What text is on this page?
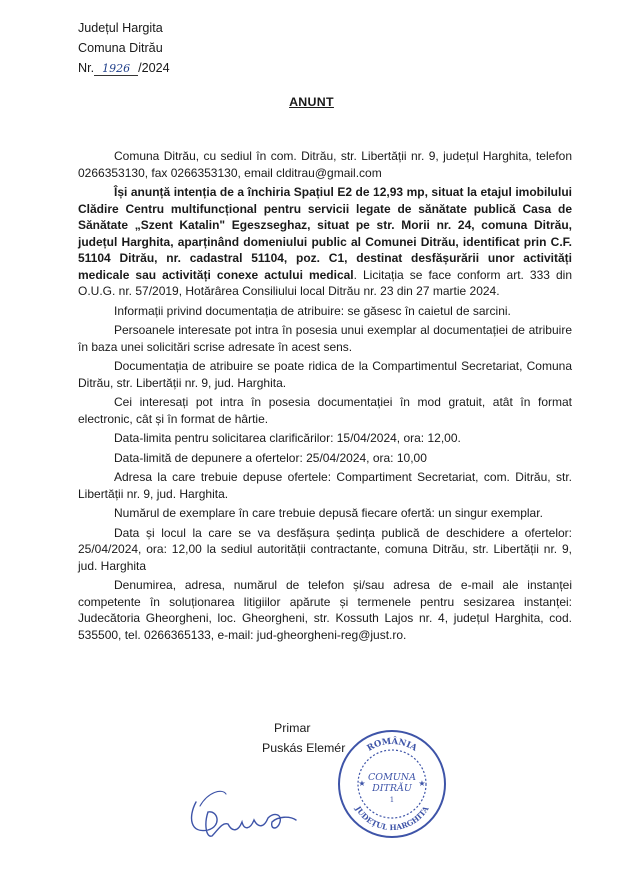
Județul Hargita
Comuna Ditrău
Nr. 1926 /2024
ANUNT

Comuna Ditrău, cu sediul în com. Ditrău, str. Libertății nr. 9, județul Harghita, telefon 0266353130, fax 0266353130, email clditrau@gmail.com

Își anunță intenția de a închiria Spațiul E2 de 12,93 mp, situat la etajul imobilului Clădire Centru multifuncțional pentru servicii legate de sănătate publică Casa de Sănătate „Szent Katalin" Egeszseghaz, situat pe str. Morii nr. 24, comuna Ditrău, județul Harghita, aparținând domeniului public al Comunei Ditrău, identificat prin C.F. 51104 Ditrău, nr. cadastral 51104, poz. C1, destinat desfășurării unor activități medicale sau activități conexe actului medical. Licitația se face conform art. 333 din O.U.G. nr. 57/2019, Hotărârea Consiliului local Ditrău nr. 23 din 27 martie 2024.

Informații privind documentația de atribuire: se găsesc în caietul de sarcini.

Persoanele interesate pot intra în posesia unui exemplar al documentației de atribuire în baza unei solicitări scrise adresate în acest sens.

Documentația de atribuire se poate ridica de la Compartimentul Secretariat, Comuna Ditrău, str. Libertății nr. 9, jud. Harghita.

Cei interesați pot intra în posesia documentației în mod gratuit, atât în format electronic, cât și în format de hârtie.

Data-limita pentru solicitarea clarificărilor: 15/04/2024, ora: 12,00.

Data-limită de depunere a ofertelor: 25/04/2024, ora: 10,00

Adresa la care trebuie depuse ofertele: Compartiment Secretariat, com. Ditrău, str. Libertății nr. 9, jud. Harghita.

Numărul de exemplare în care trebuie depusă fiecare ofertă: un singur exemplar.

Data și locul la care se va desfășura ședința publică de deschidere a ofertelor: 25/04/2024, ora: 12,00 la sediul autorității contractante, comuna Ditrău, str. Libertății nr. 9, jud. Harghita

Denumirea, adresa, numărul de telefon și/sau adresa de e-mail ale instanței competente în soluționarea litigiilor apărute și termenele pentru sesizarea instanței: Judecătoria Gheorgheni, loc. Gheorgheni, str. Kossuth Lajos nr. 4, județul Harghita, cod. 535500, tel. 0266365133, e-mail: jud-gheorgheni-reg@just.ro.

Primar
Puskás Elemér ROMÂNIA
COMUNA
DITRĂU
1
★	★
JUDEȚUL HARGHITA
